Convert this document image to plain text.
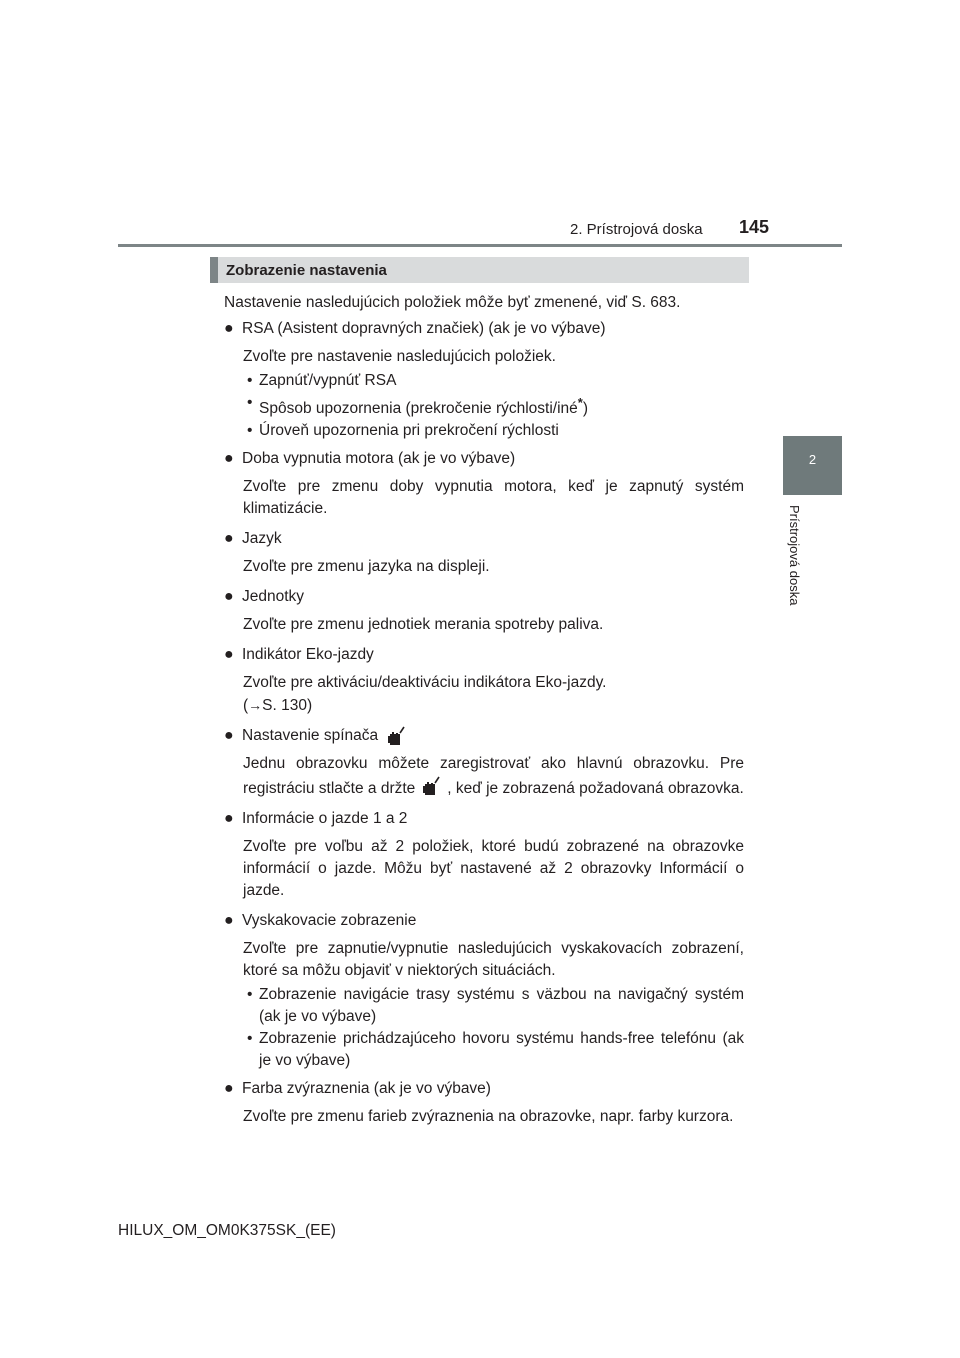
2. Prístrojová doska 145
2
Prístrojová doska
Zobrazenie nastavenia

Nastavenie nasledujúcich položiek môže byť zmenené, viď S. 683.

● RSA (Asistent dopravných značiek) (ak je vo výbave)

Zvoľte pre nastavenie nasledujúcich položiek.

• Zapnúť/vypnúť RSA
• Spôsob upozornenia (prekročenie rýchlosti/iné*)
• Úroveň upozornenia pri prekročení rýchlosti
● Doba vypnutia motora (ak je vo výbave)

Zvoľte pre zmenu doby vypnutia motora, keď je zapnutý systém klimatizácie.

● Jazyk

Zvoľte pre zmenu jazyka na displeji.

● Jednotky

Zvoľte pre zmenu jednotiek merania spotreby paliva.

● Indikátor Eko-jazdy

Zvoľte pre aktiváciu/deaktiváciu indikátora Eko-jazdy.

(→S. 130)

● Nastavenie spínača

Jednu obrazovku môžete zaregistrovať ako hlavnú obrazovku. Pre registráciu stlačte a držte , keď je zobrazená požadovaná obrazovka.

● Informácie o jazde 1 a 2

Zvoľte pre voľbu až 2 položiek, ktoré budú zobrazené na obrazovke informácií o jazde. Môžu byť nastavené až 2 obrazovky Informácií o jazde.

● Vyskakovacie zobrazenie

Zvoľte pre zapnutie/vypnutie nasledujúcich vyskakovacích zobrazení, ktoré sa môžu objaviť v niektorých situáciách.

• Zobrazenie navigácie trasy systému s väzbou na navigačný systém (ak je vo výbave)
• Zobrazenie prichádzajúceho hovoru systému hands-free telefónu (ak je vo výbave)
● Farba zvýraznenia (ak je vo výbave)

Zvoľte pre zmenu farieb zvýraznenia na obrazovke, napr. farby kurzora.

HILUX_OM_OM0K375SK_(EE)
